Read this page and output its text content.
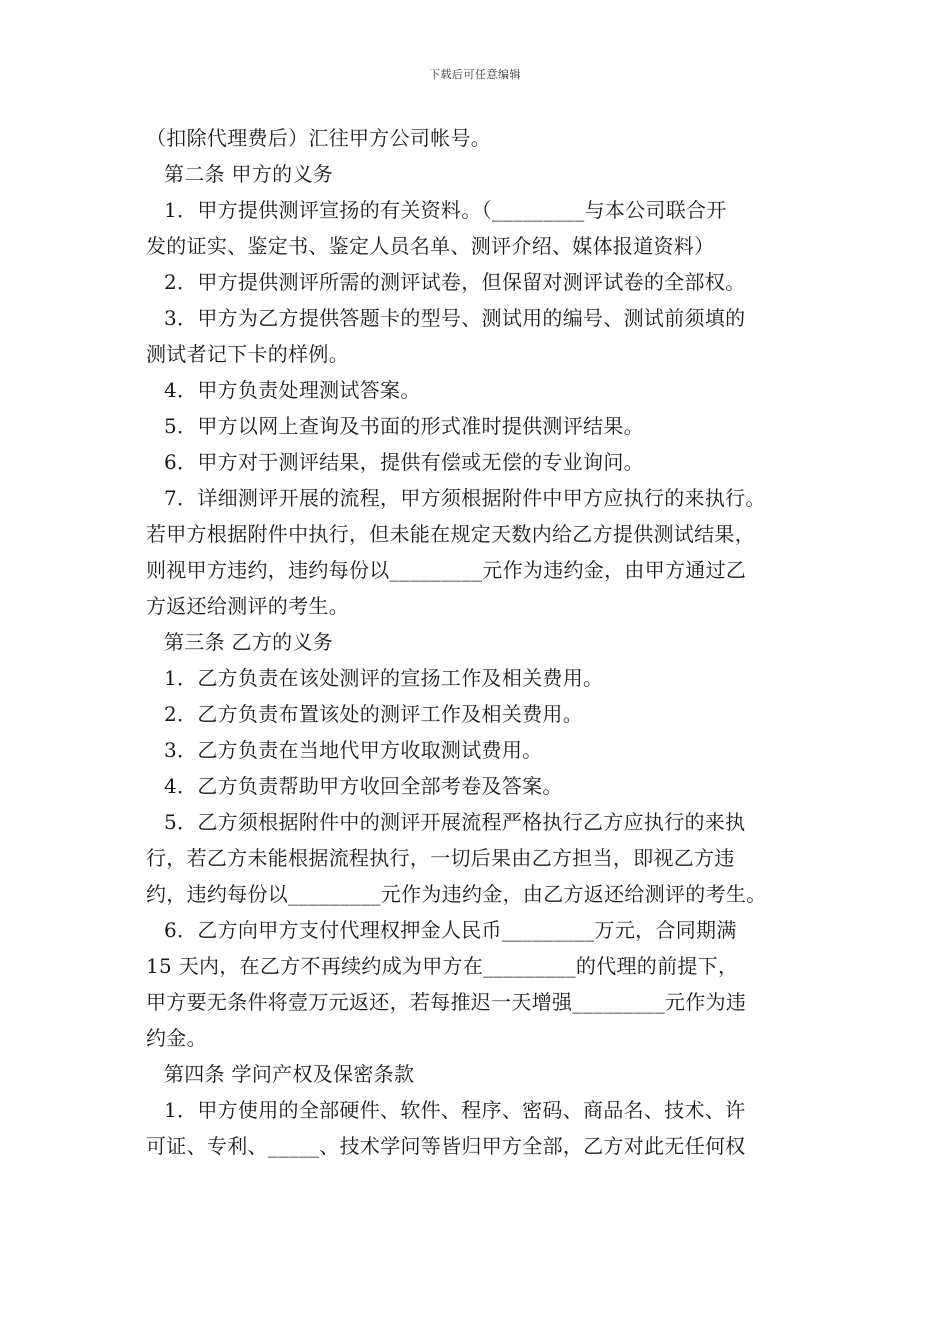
下载后可任意编辑
（扣除代理费后）汇往甲方公司帐号。
第二条 甲方的义务
1．甲方提供测评宣扬的有关资料。（_________与本公司联合开
发的证实、鉴定书、鉴定人员名单、测评介绍、媒体报道资料）
2．甲方提供测评所需的测评试卷，但保留对测评试卷的全部权。
3．甲方为乙方提供答题卡的型号、测试用的编号、测试前须填的
测试者记下卡的样例。
4．甲方负责处理测试答案。
5．甲方以网上查询及书面的形式准时提供测评结果。
6．甲方对于测评结果，提供有偿或无偿的专业询问。
7．详细测评开展的流程，甲方须根据附件中甲方应执行的来执行。
若甲方根据附件中执行，但未能在规定天数内给乙方提供测试结果，
则视甲方违约，违约每份以_________元作为违约金，由甲方通过乙
方返还给测评的考生。
第三条 乙方的义务
1．乙方负责在该处测评的宣扬工作及相关费用。
2．乙方负责布置该处的测评工作及相关费用。
3．乙方负责在当地代甲方收取测试费用。
4．乙方负责帮助甲方收回全部考卷及答案。
5．乙方须根据附件中的测评开展流程严格执行乙方应执行的来执
行，若乙方未能根据流程执行，一切后果由乙方担当，即视乙方违
约，违约每份以_________元作为违约金，由乙方返还给测评的考生。
6．乙方向甲方支付代理权押金人民币_________万元，合同期满
15 天内，在乙方不再续约成为甲方在_________的代理的前提下，
甲方要无条件将壹万元返还，若每推迟一天增强_________元作为违
约金。
第四条 学问产权及保密条款
1．甲方使用的全部硬件、软件、程序、密码、商品名、技术、许
可证、专利、_____、技术学问等皆归甲方全部，乙方对此无任何权
